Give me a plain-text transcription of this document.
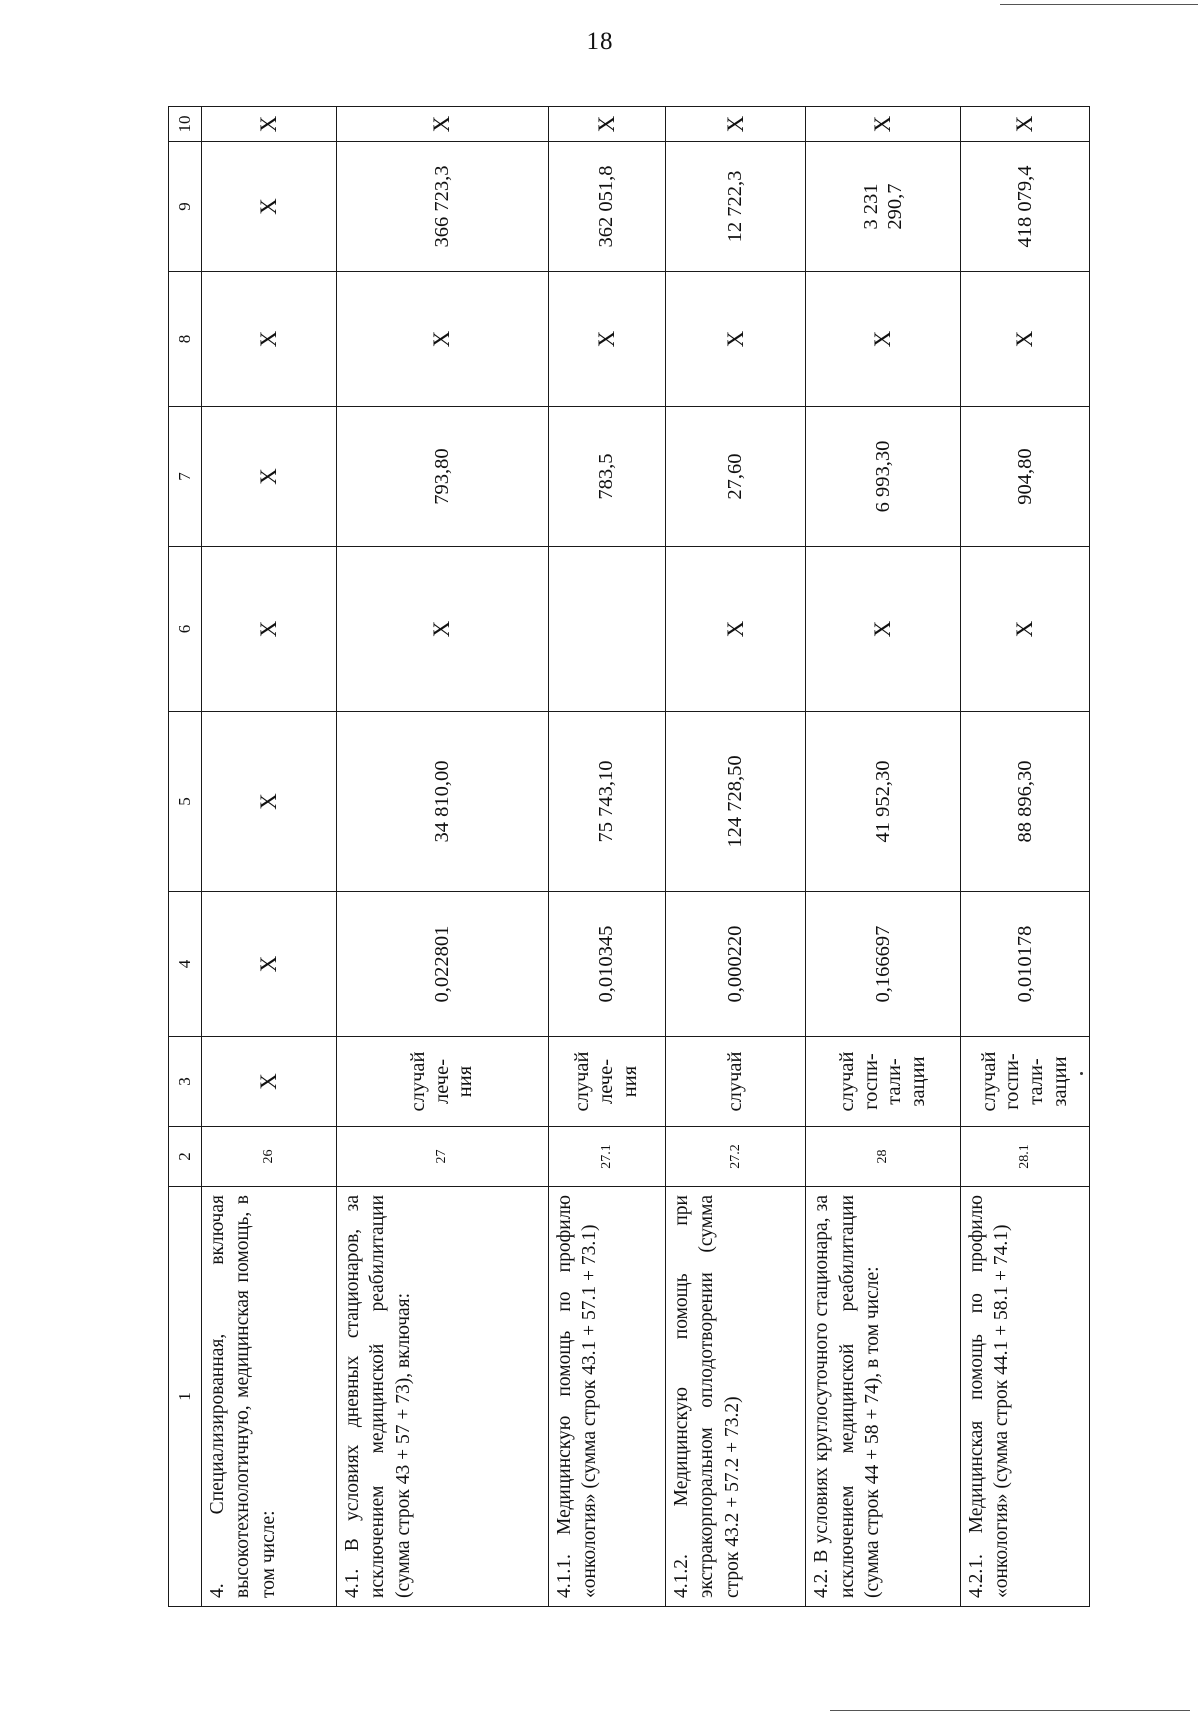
18
1	2	3	4	5	6	7	8	9	10
4. Специализированная, включая высокотехнологичную, медицинская помощь, в том числе:	26	X	X	X	X	X	X	X	X
4.1. В условиях дневных стационаров, за исключением медицинской реабилитации (сумма строк 43 + 57 + 73), включая:	27	случай
лече-
ния	0,022801	34 810,00	X	793,80	X	366 723,3	X
4.1.1. Медицинскую помощь по профилю «онкология» (сумма строк 43.1 + 57.1 + 73.1)	27.1	случай
лече-
ния	0,010345	75 743,10		783,5	X	362 051,8	X
4.1.2. Медицинскую помощь при экстракорпоральном оплодотворении (сумма строк 43.2 + 57.2 + 73.2)	27.2	случай	0,000220	124 728,50	X	27,60	X	12 722,3	X
4.2. В условиях круглосуточного стационара, за исключением медицинской реабилитации (сумма строк 44 + 58 + 74), в том числе:	28	случай
госпи-
тали-
зации	0,166697	41 952,30	X	6 993,30	X	3 231
290,7	X
4.2.1. Медицинская помощь по профилю «онкология» (сумма строк 44.1 + 58.1 + 74.1)	28.1	случай
госпи-
тали-
зации	0,010178	88 896,30	X	904,80	X	418 079,4	X
